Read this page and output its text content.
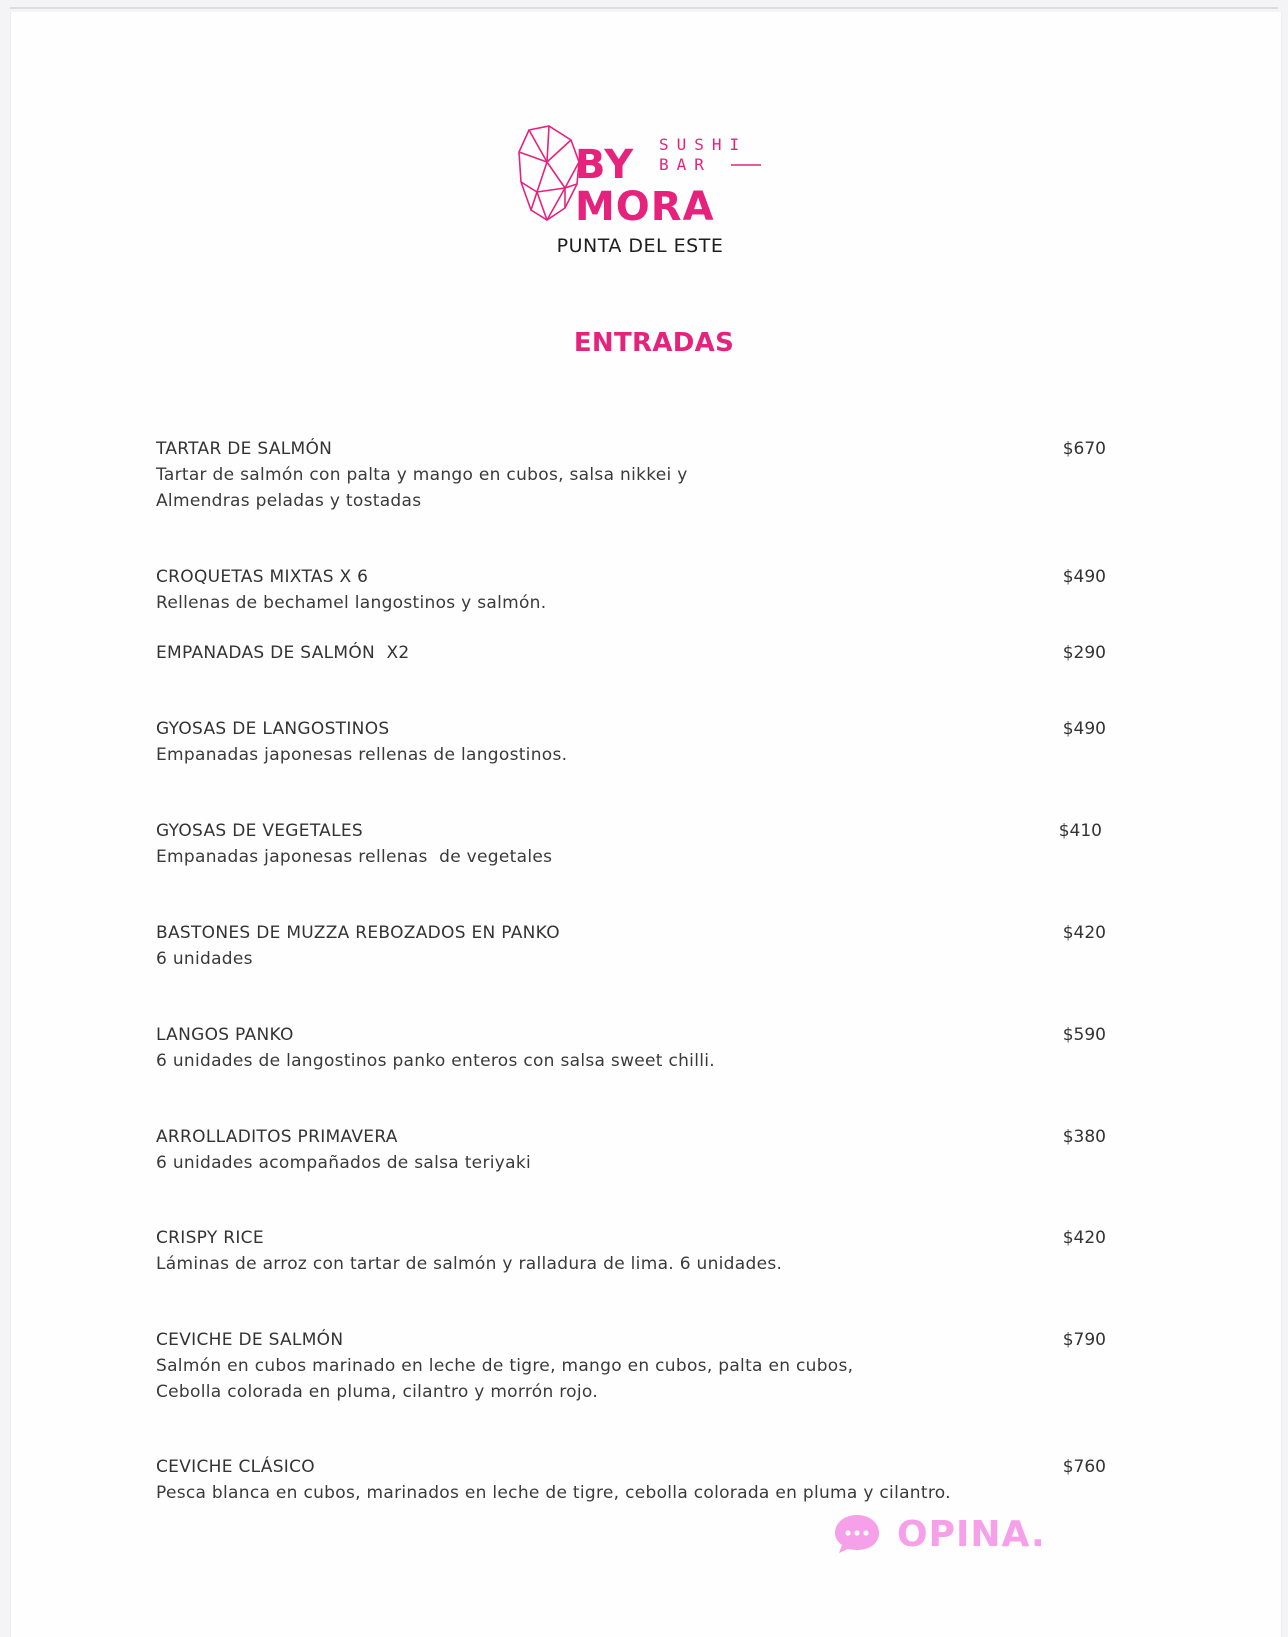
BY
MORA
SUSHI
BAR
PUNTA DEL ESTE
ENTRADAS
TARTAR DE SALMÓN
Tartar de salmón con palta y mango en cubos, salsa nikkei y
Almendras peladas y tostadas
$670
CROQUETAS MIXTAS X 6
Rellenas de bechamel langostinos y salmón.
$490
EMPANADAS DE SALMÓN  X2	$290
GYOSAS DE LANGOSTINOS
Empanadas japonesas rellenas de langostinos.
$490
GYOSAS DE VEGETALES
Empanadas japonesas rellenas  de vegetales
$410
BASTONES DE MUZZA REBOZADOS EN PANKO
6 unidades
$420
LANGOS PANKO
6 unidades de langostinos panko enteros con salsa sweet chilli.
$590
ARROLLADITOS PRIMAVERA
6 unidades acompañados de salsa teriyaki
$380
CRISPY RICE
Láminas de arroz con tartar de salmón y ralladura de lima. 6 unidades.
$420
CEVICHE DE SALMÓN
Salmón en cubos marinado en leche de tigre, mango en cubos, palta en cubos,
Cebolla colorada en pluma, cilantro y morrón rojo.
$790
CEVICHE CLÁSICO
Pesca blanca en cubos, marinados en leche de tigre, cebolla colorada en pluma y cilantro.
$760
OPINA.
